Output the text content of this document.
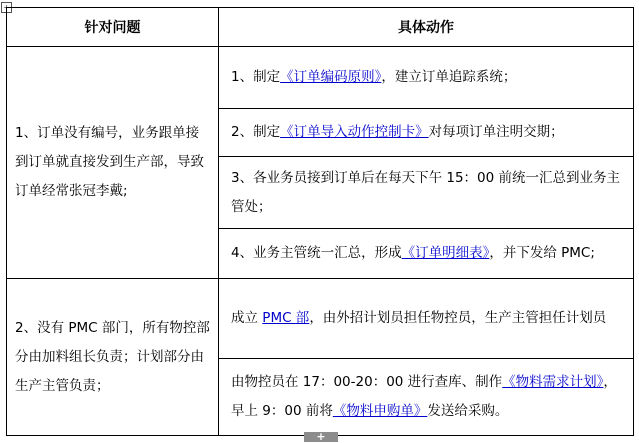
+
针对问题	具体动作
1、订单没有编号，业务跟单接到订单就直接发到生产部，导致订单经常张冠李戴;	1、制定《订单编码原则》，建立订单追踪系统；
	2、制定《订单导入动作控制卡》对每项订单注明交期；
	3、各业务员接到订单后在每天下午 15：00 前统一汇总到业务主管处；
	4、业务主管统一汇总，形成《订单明细表》，并下发给 PMC;
2、没有 PMC 部门，所有物控部分由加料组长负责；计划部分由生产主管负责；	成立 PMC 部，由外招计划员担任物控员，生产主管担任计划员
	由物控员在 17：00-20：00 进行查库、制作《物料需求计划》，早上 9：00 前将《物料申购单》发送给采购。
+
